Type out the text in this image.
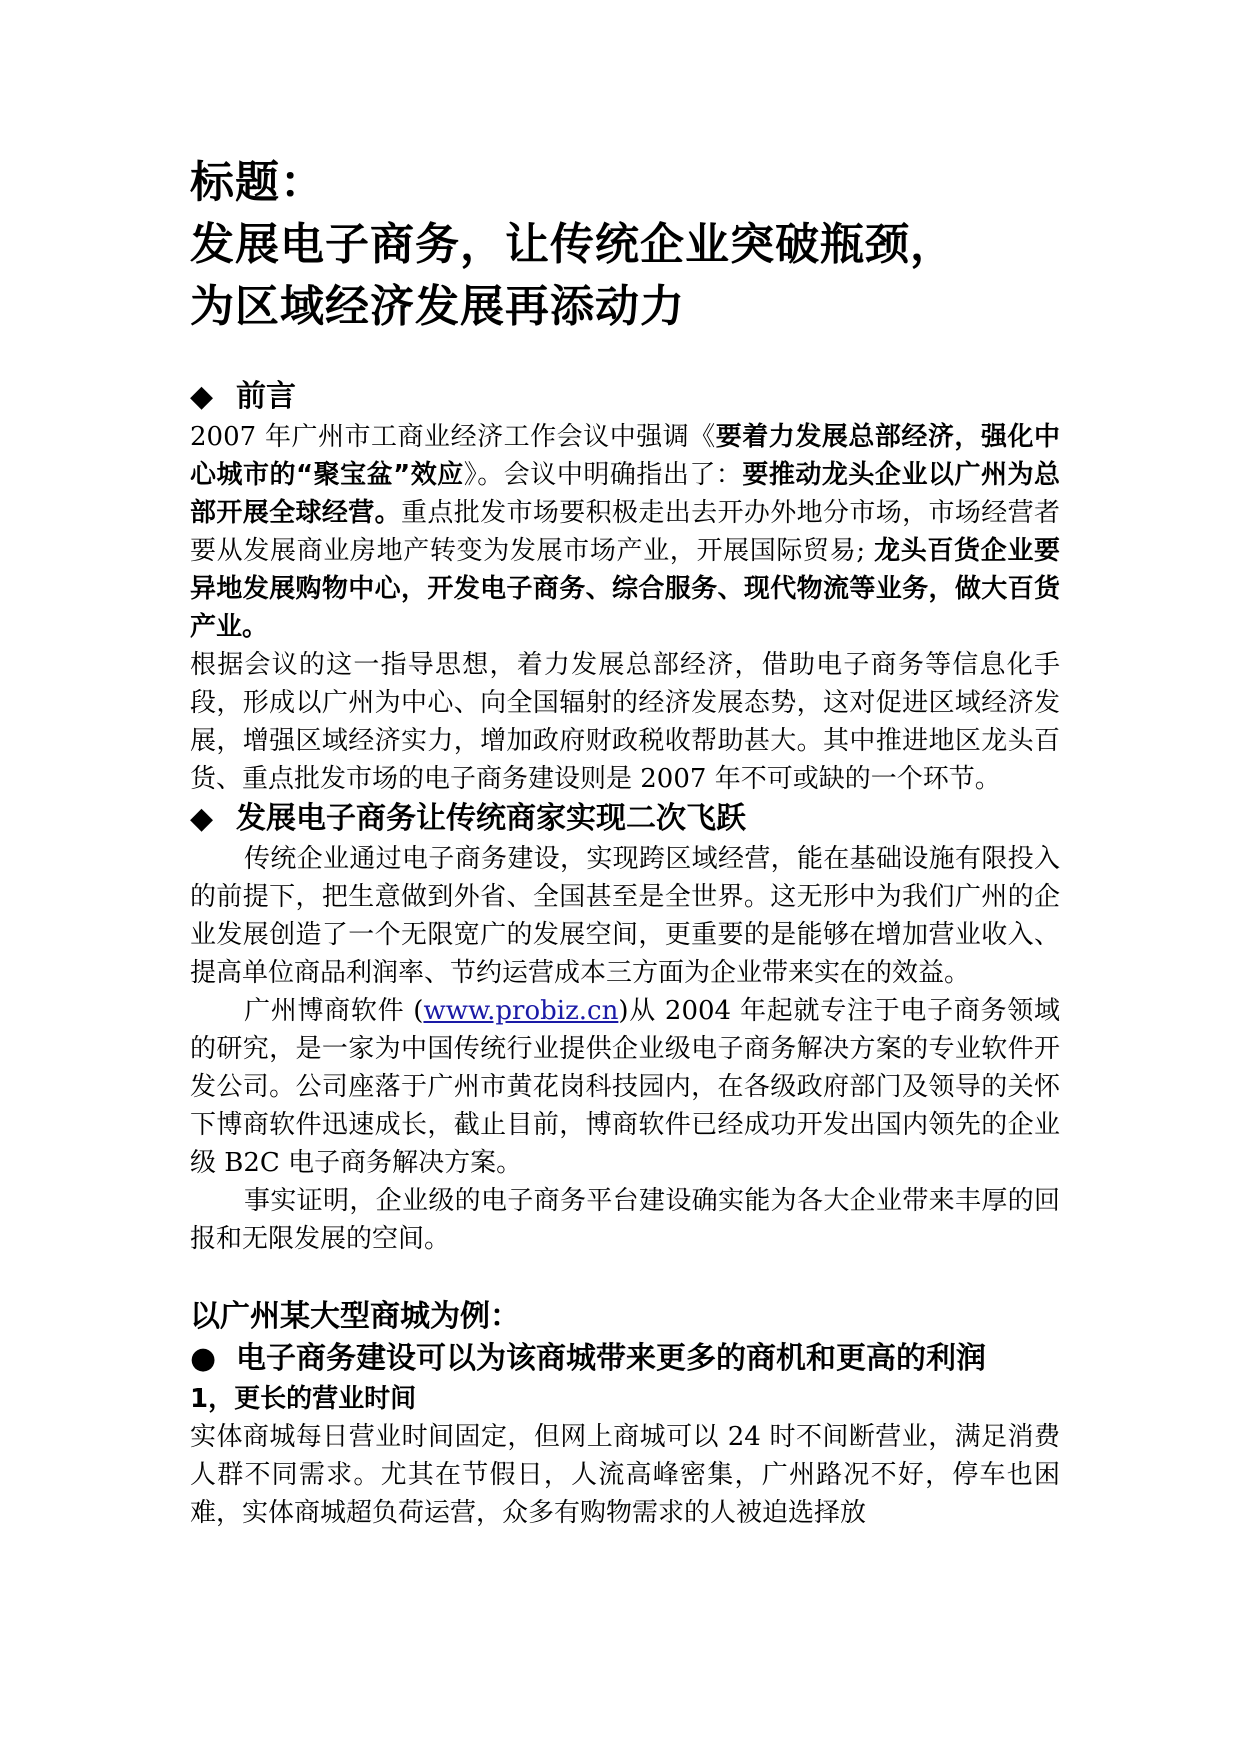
标题：

发展电子商务，让传统企业突破瓶颈，

为区域经济发展再添动力

◆ 前言

2007 年广州市工商业经济工作会议中强调《要着力发展总部经济，强化中心城市的“聚宝盆”效应》。会议中明确指出了：要推动龙头企业以广州为总部开展全球经营。重点批发市场要积极走出去开办外地分市场，市场经营者要从发展商业房地产转变为发展市场产业，开展国际贸易; 龙头百货企业要异地发展购物中心，开发电子商务、综合服务、现代物流等业务，做大百货产业。

根据会议的这一指导思想，着力发展总部经济，借助电子商务等信息化手段，形成以广州为中心、向全国辐射的经济发展态势，这对促进区域经济发展，增强区域经济实力，增加政府财政税收帮助甚大。其中推进地区龙头百货、重点批发市场的电子商务建设则是 2007 年不可或缺的一个环节。

◆ 发展电子商务让传统商家实现二次飞跃

传统企业通过电子商务建设，实现跨区域经营，能在基础设施有限投入的前提下，把生意做到外省、全国甚至是全世界。这无形中为我们广州的企业发展创造了一个无限宽广的发展空间，更重要的是能够在增加营业收入、提高单位商品利润率、节约运营成本三方面为企业带来实在的效益。

广州博商软件 (www.probiz.cn)从 2004 年起就专注于电子商务领域的研究，是一家为中国传统行业提供企业级电子商务解决方案的专业软件开发公司。公司座落于广州市黄花岗科技园内，在各级政府部门及领导的关怀下博商软件迅速成长，截止目前，博商软件已经成功开发出国内领先的企业级 B2C 电子商务解决方案。

事实证明，企业级的电子商务平台建设确实能为各大企业带来丰厚的回报和无限发展的空间。

以广州某大型商城为例：

● 电子商务建设可以为该商城带来更多的商机和更高的利润

1，更长的营业时间

实体商城每日营业时间固定，但网上商城可以 24 时不间断营业，满足消费人群不同需求。尤其在节假日，人流高峰密集，广州路况不好，停车也困难，实体商城超负荷运营，众多有购物需求的人被迫选择放
